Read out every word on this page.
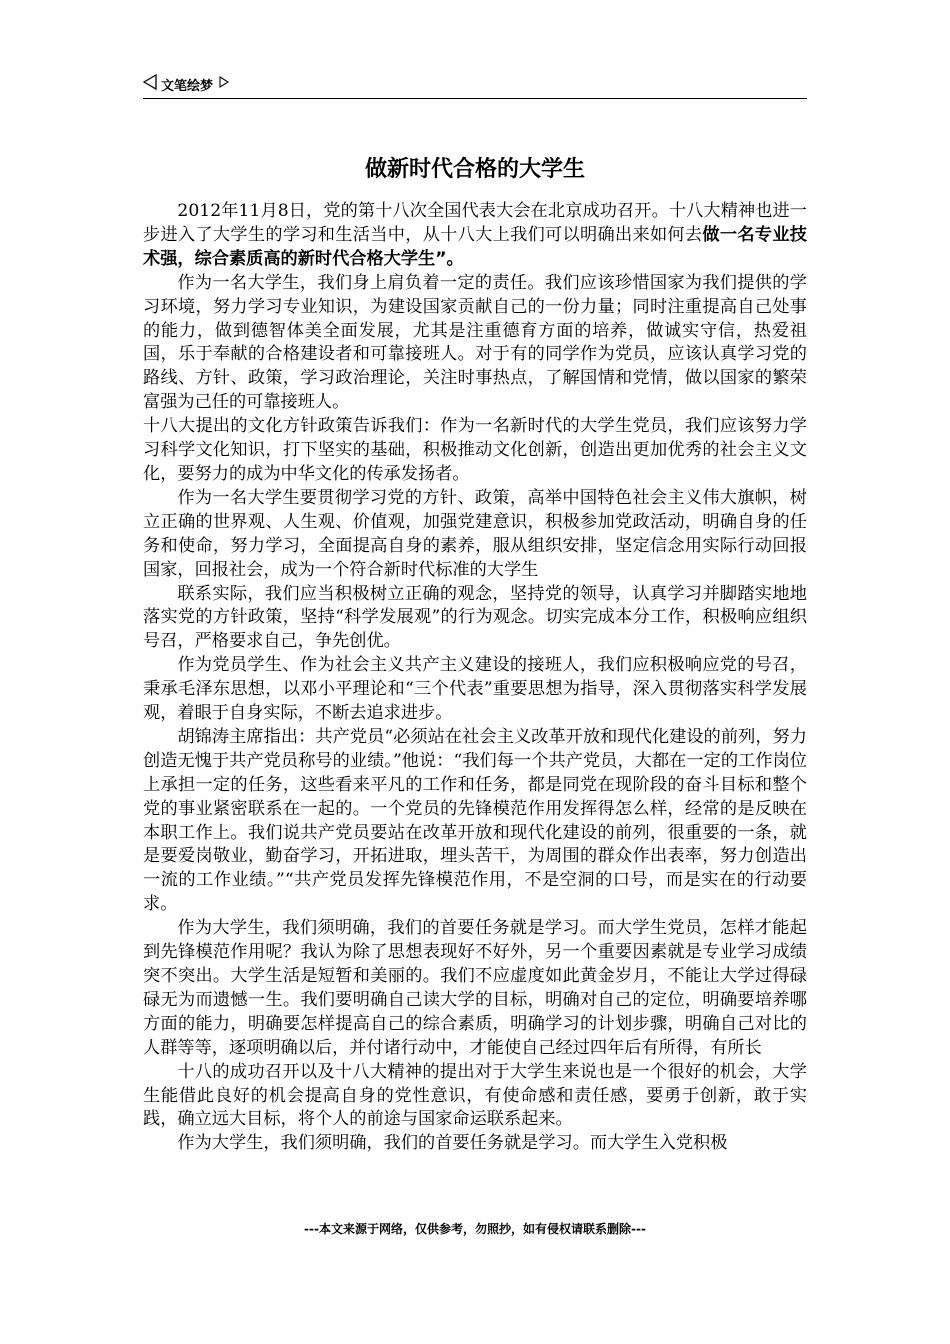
文笔绘梦
做新时代合格的大学生

2012年11月8日，党的第十八次全国代表大会在北京成功召开。十八大精神也进一步进入了大学生的学习和生活当中，从十八大上我们可以明确出来如何去做一名专业技术强，综合素质高的新时代合格大学生”。

作为一名大学生，我们身上肩负着一定的责任。我们应该珍惜国家为我们提供的学习环境，努力学习专业知识，为建设国家贡献自己的一份力量；同时注重提高自己处事的能力，做到德智体美全面发展，尤其是注重德育方面的培养，做诚实守信，热爱祖国，乐于奉献的合格建设者和可靠接班人。对于有的同学作为党员，应该认真学习党的路线、方针、政策，学习政治理论，关注时事热点，了解国情和党情，做以国家的繁荣富强为己任的可靠接班人。

十八大提出的文化方针政策告诉我们：作为一名新时代的大学生党员，我们应该努力学习科学文化知识，打下坚实的基础，积极推动文化创新，创造出更加优秀的社会主义文化，要努力的成为中华文化的传承发扬者。

作为一名大学生要贯彻学习党的方针、政策，高举中国特色社会主义伟大旗帜，树立正确的世界观、人生观、价值观，加强党建意识，积极参加党政活动，明确自身的任务和使命，努力学习，全面提高自身的素养，服从组织安排，坚定信念用实际行动回报国家，回报社会，成为一个符合新时代标准的大学生

联系实际，我们应当积极树立正确的观念，坚持党的领导，认真学习并脚踏实地地落实党的方针政策，坚持“科学发展观”的行为观念。切实完成本分工作，积极响应组织号召，严格要求自己，争先创优。

作为党员学生、作为社会主义共产主义建设的接班人，我们应积极响应党的号召，秉承毛泽东思想，以邓小平理论和“三个代表”重要思想为指导，深入贯彻落实科学发展观，着眼于自身实际，不断去追求进步。

胡锦涛主席指出：共产党员“必须站在社会主义改革开放和现代化建设的前列，努力创造无愧于共产党员称号的业绩。”他说：“我们每一个共产党员，大都在一定的工作岗位上承担一定的任务，这些看来平凡的工作和任务，都是同党在现阶段的奋斗目标和整个党的事业紧密联系在一起的。一个党员的先锋模范作用发挥得怎么样，经常的是反映在本职工作上。我们说共产党员要站在改革开放和现代化建设的前列，很重要的一条，就是要爱岗敬业，勤奋学习，开拓进取，埋头苦干，为周围的群众作出表率，努力创造出一流的工作业绩。”“共产党员发挥先锋模范作用，不是空洞的口号，而是实在的行动要求。

作为大学生，我们须明确，我们的首要任务就是学习。而大学生党员，怎样才能起到先锋模范作用呢？我认为除了思想表现好不好外，另一个重要因素就是专业学习成绩突不突出。大学生活是短暂和美丽的。我们不应虚度如此黄金岁月，不能让大学过得碌碌无为而遗憾一生。我们要明确自己读大学的目标，明确对自己的定位，明确要培养哪方面的能力，明确要怎样提高自己的综合素质，明确学习的计划步骤，明确自己对比的人群等等，逐项明确以后，并付诸行动中，才能使自己经过四年后有所得，有所长

十八的成功召开以及十八大精神的提出对于大学生来说也是一个很好的机会，大学生能借此良好的机会提高自身的党性意识，有使命感和责任感，要勇于创新，敢于实践，确立远大目标，将个人的前途与国家命运联系起来。

作为大学生，我们须明确，我们的首要任务就是学习。而大学生入党积极

---本文来源于网络，仅供参考，勿照抄，如有侵权请联系删除---
